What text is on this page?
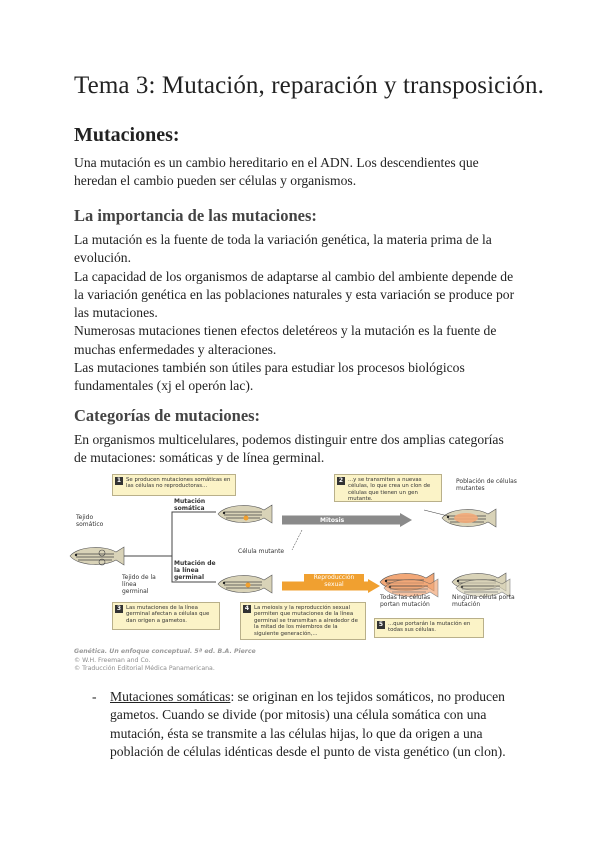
Tema 3: Mutación, reparación y transposición.
Mutaciones:
Una mutación es un cambio hereditario en el ADN. Los descendientes que
heredan el cambio pueden ser células y organismos.
La importancia de las mutaciones:
La mutación es la fuente de toda la variación genética, la materia prima de la
evolución.
La capacidad de los organismos de adaptarse al cambio del ambiente depende de
la variación genética en las poblaciones naturales y esta variación se produce por
las mutaciones.
Numerosas mutaciones tienen efectos deletéreos y la mutación es la fuente de
muchas enfermedades y alteraciones.
Las mutaciones también son útiles para estudiar los procesos biológicos
fundamentales (xj el operón lac).
Categorías de mutaciones:
En organismos multicelulares, podemos distinguir entre dos amplias categorías
de mutaciones: somáticas y de línea germinal.
1 Se producen mutaciones somáticas en las células no reproductoras...
2 ...y se transmiten a nuevas células, lo que crea un clon de células que tienen un gen mutante.
3 Las mutaciones de la línea germinal afectan a células que dan origen a gametos.
4 La meiosis y la reproducción sexual permiten que mutaciones de la línea germinal se transmitan a alrededor de la mitad de los miembros de la siguiente generación,...
5 ...que portarán la mutación en todas sus células.
Tejido somático
Tejido de la línea germinal
Mutación somática
Mutación de la línea germinal
Célula mutante
Mitosis
Reproducción sexual
Población de células mutantes
Todas las células portan mutación
Ninguna célula porta mutación
Genética. Un enfoque conceptual. 5ª ed. B.A. Pierce
© W.H. Freeman and Co.
© Traducción Editorial Médica Panamericana.
- Mutaciones somáticas: se originan en los tejidos somáticos, no producen
gametos. Cuando se divide (por mitosis) una célula somática con una
mutación, ésta se transmite a las células hijas, lo que da origen a una
población de células idénticas desde el punto de vista genético (un clon).
